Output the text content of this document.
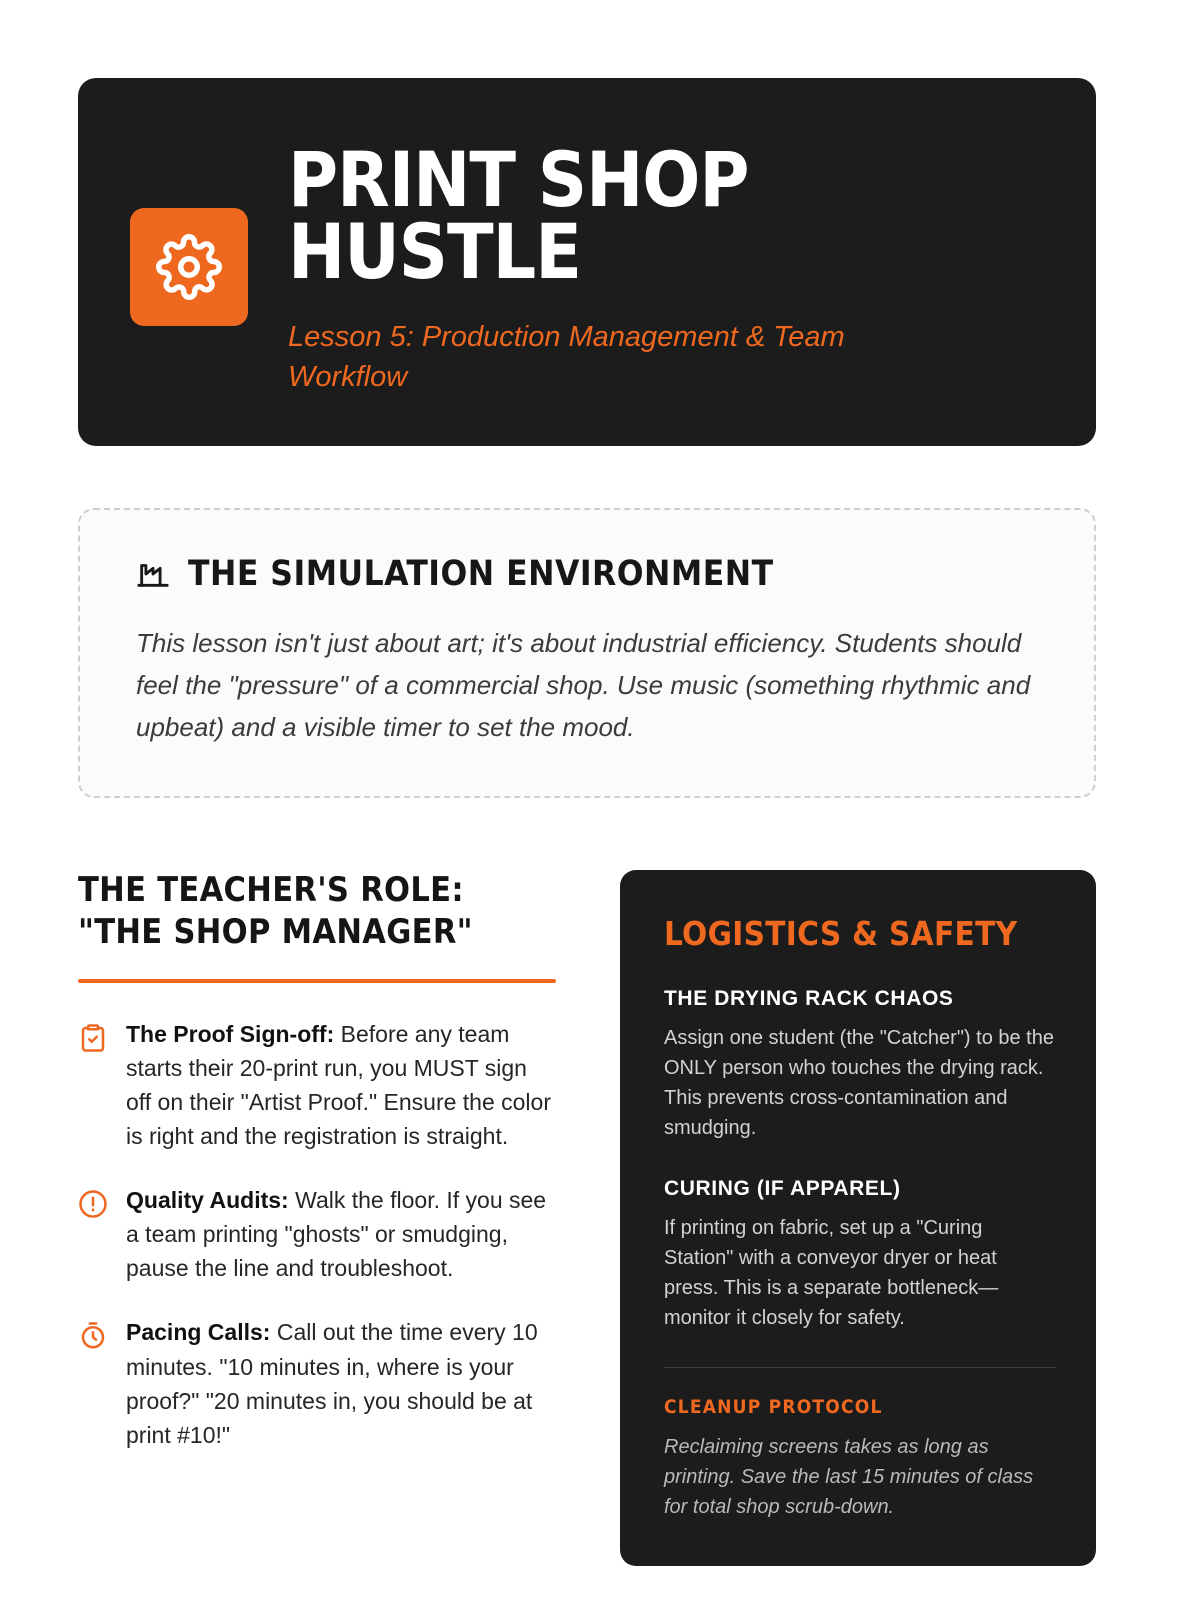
PRINT SHOP HUSTLE

Lesson 5: Production Management & Team Workflow

THE SIMULATION ENVIRONMENT

This lesson isn't just about art; it's about industrial efficiency. Students should feel the "pressure" of a commercial shop. Use music (something rhythmic and upbeat) and a visible timer to set the mood.

THE TEACHER'S ROLE: "THE SHOP MANAGER"
The Proof Sign-off: Before any team starts their 20-print run, you MUST sign off on their "Artist Proof." Ensure the color is right and the registration is straight.
Quality Audits: Walk the floor. If you see a team printing "ghosts" or smudging, pause the line and troubleshoot.
Pacing Calls: Call out the time every 10 minutes. "10 minutes in, where is your proof?" "20 minutes in, you should be at print #10!"
LOGISTICS & SAFETY
THE DRYING RACK CHAOS

Assign one student (the "Catcher") to be the ONLY person who touches the drying rack. This prevents cross-contamination and smudging.

CURING (IF APPAREL)

If printing on fabric, set up a "Curing Station" with a conveyor dryer or heat press. This is a separate bottleneck—monitor it closely for safety.

CLEANUP PROTOCOL

Reclaiming screens takes as long as printing. Save the last 15 minutes of class for total shop scrub-down.
